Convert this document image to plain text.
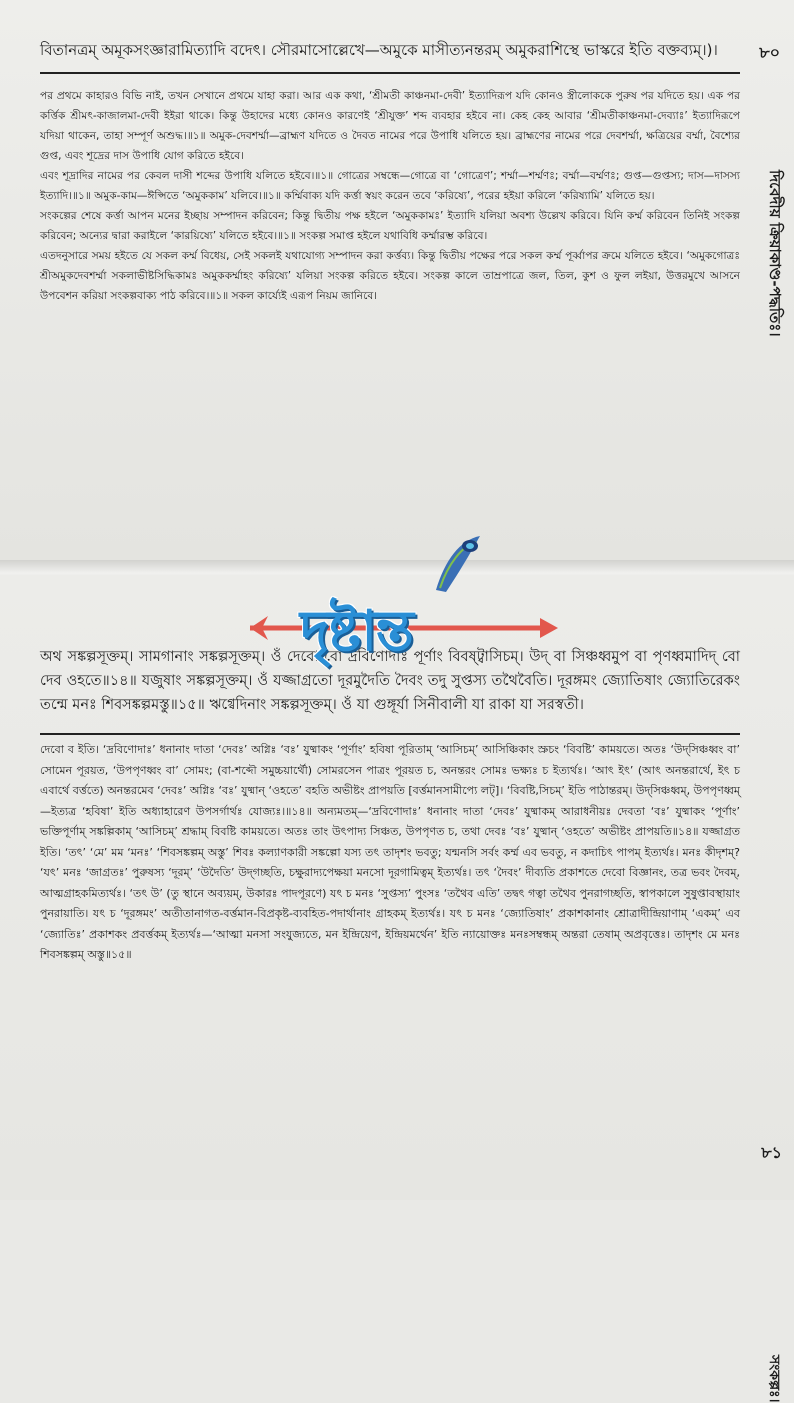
বিতানত্রম্‌ অমূকসংজ্ঞারামিত্যাদি বদেৎ। সৌরমাসোল্লেখে—অমুকে মাসীত্যনন্তরম্‌ অমুকরাশিস্থে ভাস্করে ইতি বক্তব্যম্‌।)।	৮০

পর প্রথমে কাহারও বিভি নাই, তখন সেখানে প্রথমে যাহা করা। আর এক কথা, ‘শ্রীমতী কাঞ্চনমা-দেবী’ ইত্যাদিরূপ যদি কোনও স্ত্রীলোককে পুরুষ পর যদিতে হয়। এক পর কর্ত্তিক শ্রীমৎ-কাজালমা-দেবী ইইরা থাকে। কিন্তু উহাদের মধ্যে কোনও কারণেই ‘শ্রীযুক্ত’ শব্দ ব্যবহার হইবে না। কেহ কেহ আবার ‘শ্রীমতীকাঞ্চনমা-দেব্যাঃ’ ইত্যাদিরূপে যদিয়া থাকেন, তাহা সম্পূর্ণ অশুদ্ধ।॥১॥ অমুক-দেবশর্ম্মা—ব্রাহ্মণ যদিতে ও দৈবত নামের পরে উপাধি যলিতে হয়। ব্রাহ্মণের নামের পরে দেবশর্ম্মা, ক্ষত্রিয়ের বর্ম্মা, বৈশ্যের গুপ্ত, এবং শূদ্রের দাস উপাধি যোগ করিতে হইবে।

এবং শূদ্রাদির নামের পর কেবল দাসী শব্দের উপাধি যলিতে হইবে।॥১॥ গোত্রের সম্বন্ধে—গোত্রে বা ‘গোত্রেণ’; শর্ম্মা—শর্ম্মণঃ; বর্ম্মা—বর্ম্মণঃ; গুপ্ত—গুপ্তস্য; দাস—দাসস্য ইত্যাদি।॥১॥ অমুক-কাম—ঈপ্সিতে ‘অমুককাম’ যলিবে।॥১॥ কর্ম্মিবাক্য যদি কর্ত্তা স্বয়ং করেন তবে ‘করিষ্যে’, পরের হইয়া করিলে ‘করিষ্যামি’ যলিতে হয়।

সংকল্পের শেষে কর্ত্তা আপন মনের ইচ্ছায় সম্পাদন করিবেন; কিন্তু দ্বিতীয় পক্ষ হইলে ‘অমুককামঃ’ ইত্যাদি যলিয়া অবশ্য উল্লেখ করিবে। যিনি কর্ম্ম করিবেন তিনিই সংকল্প করিবেন; অন্যের দ্বারা করাইলে ‘কারয়িষ্যে’ যলিতে হইবে।॥১॥ সংকল্প সমাপ্ত হইলে যথাবিধি কর্ম্মারম্ভ করিবে।

এতদনুসারে সময় হইতে যে সকল কর্ম্ম বিধেয়, সেই সকলই যথাযোগ্য সম্পাদন করা কর্ত্তব্য। কিন্তু দ্বিতীয় পক্ষের পরে সকল কর্ম্ম পূর্ব্বাপর ক্রমে যলিতে হইবে। ‘অমুকগোত্রঃ শ্রীঅমুকদেবশর্ম্মা সকলাভীষ্টসিদ্ধিকামঃ অমুককর্ম্মাহং করিষ্যে’ যলিয়া সংকল্প করিতে হইবে। সংকল্প কালে তাম্রপাত্রে জল, তিল, কুশ ও ফুল লইয়া, উত্তরমুখে আসনে উপবেশন করিয়া সংকল্পবাক্য পাঠ করিবে।॥১॥ সকল কার্য্যেই এরূপ নিয়ম জানিবে।	দিবেদীয় ক্রিয়াকাণ্ড-পদ্ধতিঃ।
সংকল্পঃ।
৮১
অথ সঙ্কল্পসূক্তম্‌। সামগানাং সঙ্কল্পসূক্তম্‌। ওঁ দেবো বো দ্রবিণোদাঃ পূর্ণাং বিবষ্ট্বাসিচম্‌। উদ্‌ বা সিঞ্চধ্বমুপ বা পৃণধ্বমাদিদ্‌ বো দেব ওহতে॥১৪॥ যজুষাং সঙ্কল্পসূক্তম্‌। ওঁ যজ্জাগ্রতো দূরমুদৈতি দৈবং তদু সুপ্তস্য তথৈবৈতি। দূরঙ্গমং জ্যোতিষাং জ্যোতিরেকং তন্মে মনঃ শিবসঙ্কল্পমস্তু॥১৫॥ ঋগ্বেদিনাং সঙ্কল্পসূক্তম্‌। ওঁ যা গুঙ্গূর্যা সিনীবালী যা রাকা যা সরস্বতী।
দেবো ব ইতি। ‘দ্রবিণোদাঃ’ ধনানাং দাতা ‘দেবঃ’ অগ্নিঃ ‘বঃ’ যুষ্মাকং ‘পূর্ণাং’ হবিষা পূরিতাম্‌ ‘আসিচম্‌’ আসিঞ্চিকাং স্রুচং ‘বিবষ্টি’ কাময়তে। অতঃ ‘উদ্‌সিঞ্চধ্বং বা’ সোমেন পূরয়ত, ‘উপপৃণধ্বং বা’ সোমং; (বা-শব্দৌ সমুচ্চয়ার্থৌ) সোমরসেন পাত্রং পূরয়ত চ, অনন্তরং সোমঃ ভক্ষ্যঃ চ ইত্যর্থঃ। ‘আৎ ইৎ’ (আৎ অনন্তরার্থে, ইৎ চ এবার্থে বর্ত্ততে) অনন্তরমেব ‘দেবঃ’ অগ্নিঃ ‘বঃ’ যুষ্মান্‌ ‘ওহতে’ বহতি অভীষ্টং প্রাপয়তি [বর্ত্তমানসামীপ্যে লট্‌]। ‘বিবষ্টি,সিচম্‌’ ইতি পাঠান্তরম্‌। উদ্‌সিঞ্চধ্বম্‌, উপপৃণধ্বম্‌—ইত্যত্র ‘হবিষা’ ইতি অধ্যাহারেণ উপসর্গার্থঃ যোজ্যঃ।॥১৪॥ অন্যমতম্‌—‘দ্রবিণোদাঃ’ ধনানাং দাতা ‘দেবঃ’ যুষ্মাকম্‌ আরাধনীয়ঃ দেবতা ‘বঃ’ যুষ্মাকং ‘পূর্ণাং’ ভক্তিপূর্ণাম্‌ সঙ্কল্পিকাম্‌ ‘আসিচম্‌’ শ্রদ্ধাম্‌ বিবষ্টি কাময়তে। অতঃ তাং উৎপাদ্য সিঞ্চত, উপপৃণত চ, তথা দেবঃ ‘বঃ’ যুষ্মান্‌ ‘ওহতে’ অভীষ্টং প্রাপয়তি॥১৪॥ যজ্জাগ্রত ইতি। ‘তৎ’ ‘মে’ মম ‘মনঃ’ ‘শিবসঙ্কল্পম্‌ অস্তু’ শিবঃ কল্যাণকারী সঙ্কল্পো যস্য তৎ তাদৃশং ভবতু; যন্মনসি সর্বং কর্ম্ম এব ভবতু, ন কদাচিৎ পাপম্‌ ইত্যর্থঃ। মনঃ কীদৃশম্‌? ‘যৎ’ মনঃ ‘জাগ্রতঃ’ পুরুষস্য ‘দূরম্‌’ ‘উদৈতি’ উদ্‌গচ্ছতি, চক্ষুরাদ্যপেক্ষয়া মনসো দূরগামিত্বম্‌ ইত্যর্থঃ। তৎ ‘দৈবং’ দীব্যতি প্রকাশতে দেবো বিজ্ঞানং, তত্র ভবং দৈবম্‌, আত্মগ্রাহকমিত্যর্থঃ। ‘তৎ উ’ (তু স্থানে অব্যয়ম্‌, উকারঃ পাদপূরণে) যৎ চ মনঃ ‘সুপ্তস্য’ পুংসঃ ‘তথৈব এতি’ তদ্বৎ গত্বা তথৈব পুনরাগচ্ছতি, স্বাপকালে সুষুপ্তাবস্থায়াং পুনরায়াতি। যৎ চ ‘দূরঙ্গমং’ অতীতানাগত-বর্ত্তমান-বিপ্রকৃষ্ট-ব্যবহিত-পদার্থানাং গ্রাহকম্‌ ইত্যর্থঃ। যৎ চ মনঃ ‘জ্যোতিষাং’ প্রকাশকানাং শ্রোত্রাদীন্দ্রিয়াণাম্‌ ‘একম্‌’ এব ‘জ্যোতিঃ’ প্রকাশকং প্রবর্ত্তকম্‌ ইত্যর্থঃ—‘আত্মা মনসা সংযুজ্যতে, মন ইন্দ্রিয়েণ, ইন্দ্রিয়মর্থেন’ ইতি ন্যায়োক্তঃ মনঃসম্বন্ধম্‌ অন্তরা তেষাম্‌ অপ্রবৃত্তেঃ। তাদৃশং মে মনঃ শিবসঙ্কল্পম্‌ অস্তু॥১৫॥
দৃষ্টান্ত
